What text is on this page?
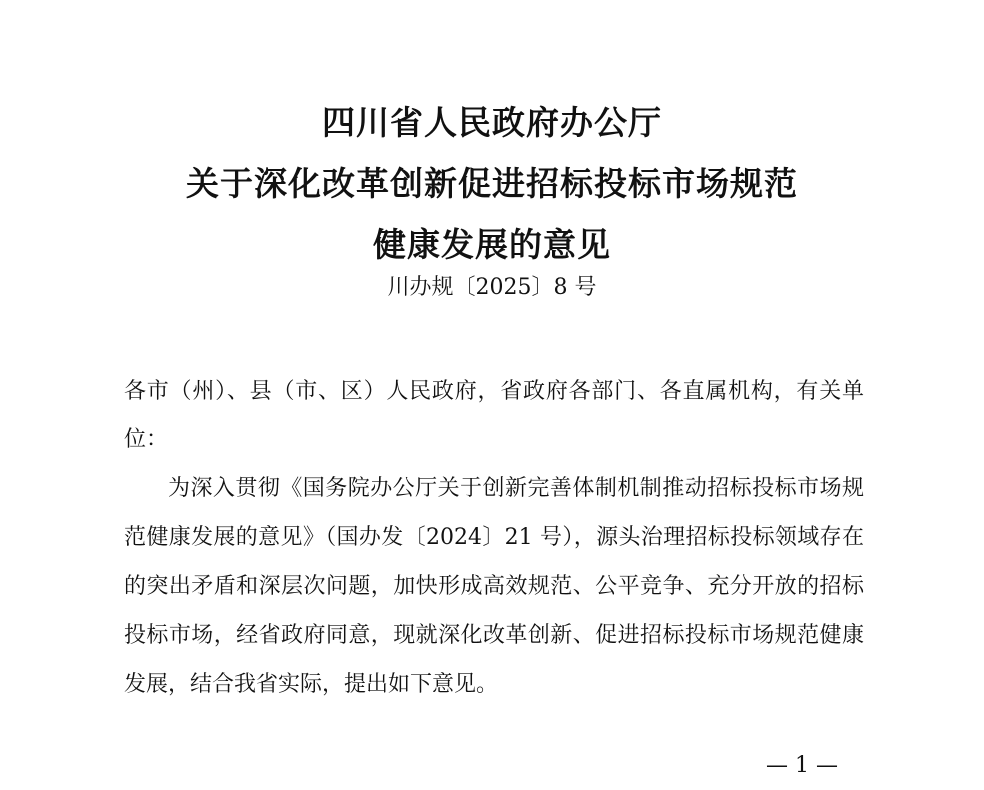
四川省人民政府办公厅
关于深化改革创新促进招标投标市场规范
健康发展的意见
川办规〔2025〕8 号
各市（州）、县（市、区）人民政府，省政府各部门、各直属机构，有关单位：
为深入贯彻《国务院办公厅关于创新完善体制机制推动招标投标市场规范健康发展的意见》（国办发〔2024〕21 号），源头治理招标投标领域存在的突出矛盾和深层次问题，加快形成高效规范、公平竞争、充分开放的招标投标市场，经省政府同意，现就深化改革创新、促进招标投标市场规范健康发展，结合我省实际，提出如下意见。
— 1 —
